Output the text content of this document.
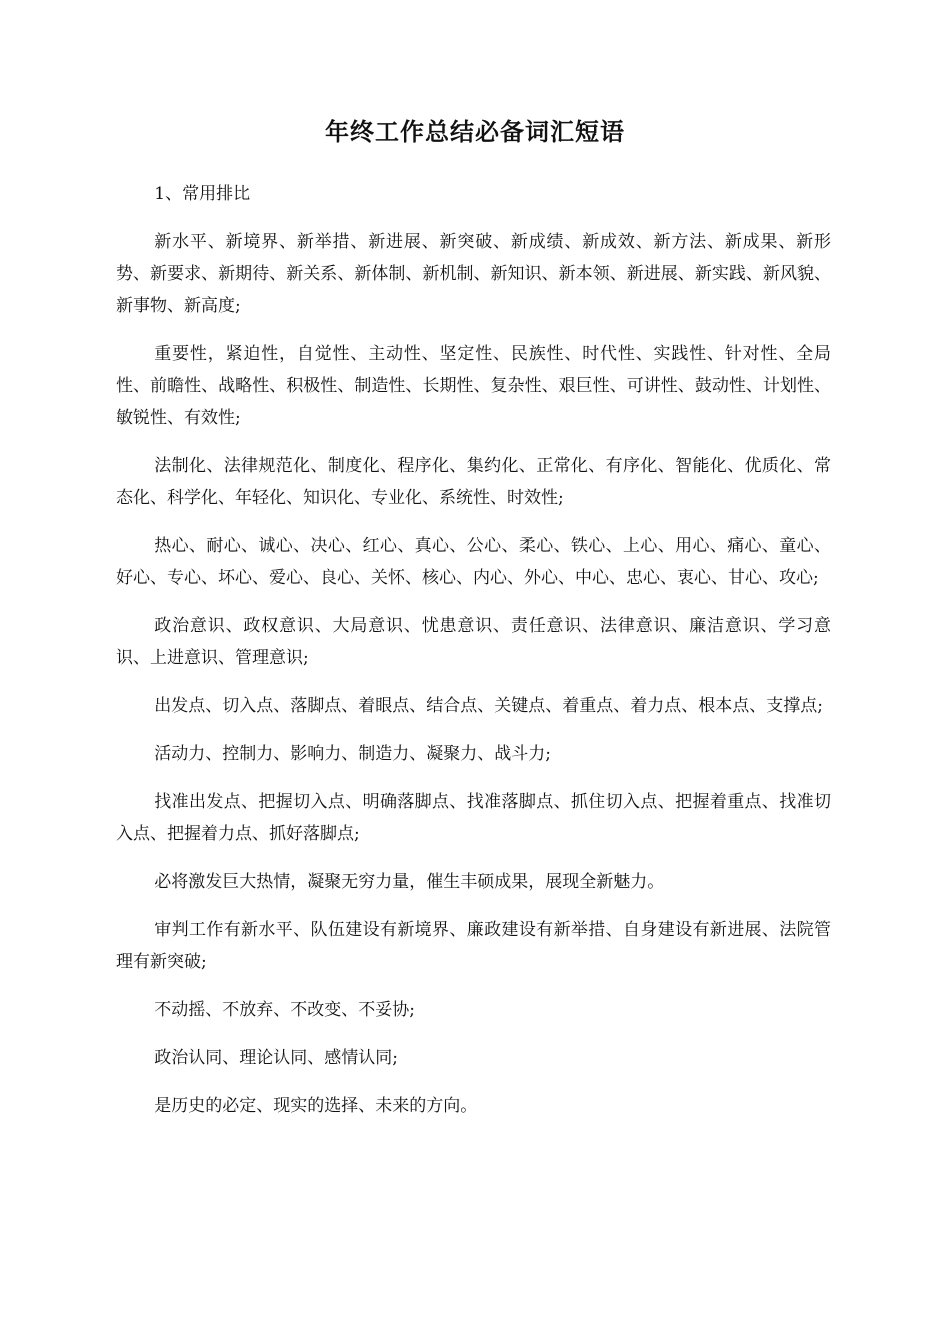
年终工作总结必备词汇短语

1、常用排比

新水平、新境界、新举措、新进展、新突破、新成绩、新成效、新方法、新成果、新形势、新要求、新期待、新关系、新体制、新机制、新知识、新本领、新进展、新实践、新风貌、新事物、新高度;

重要性，紧迫性，自觉性、主动性、坚定性、民族性、时代性、实践性、针对性、全局性、前瞻性、战略性、积极性、制造性、长期性、复杂性、艰巨性、可讲性、鼓动性、计划性、敏锐性、有效性;

法制化、法律规范化、制度化、程序化、集约化、正常化、有序化、智能化、优质化、常态化、科学化、年轻化、知识化、专业化、系统性、时效性;

热心、耐心、诚心、决心、红心、真心、公心、柔心、铁心、上心、用心、痛心、童心、好心、专心、坏心、爱心、良心、关怀、核心、内心、外心、中心、忠心、衷心、甘心、攻心;

政治意识、政权意识、大局意识、忧患意识、责任意识、法律意识、廉洁意识、学习意识、上进意识、管理意识;

出发点、切入点、落脚点、着眼点、结合点、关键点、着重点、着力点、根本点、支撑点;

活动力、控制力、影响力、制造力、凝聚力、战斗力;

找准出发点、把握切入点、明确落脚点、找准落脚点、抓住切入点、把握着重点、找准切入点、把握着力点、抓好落脚点;

必将激发巨大热情，凝聚无穷力量，催生丰硕成果，展现全新魅力。

审判工作有新水平、队伍建设有新境界、廉政建设有新举措、自身建设有新进展、法院管理有新突破;

不动摇、不放弃、不改变、不妥协;

政治认同、理论认同、感情认同;

是历史的必定、现实的选择、未来的方向。
